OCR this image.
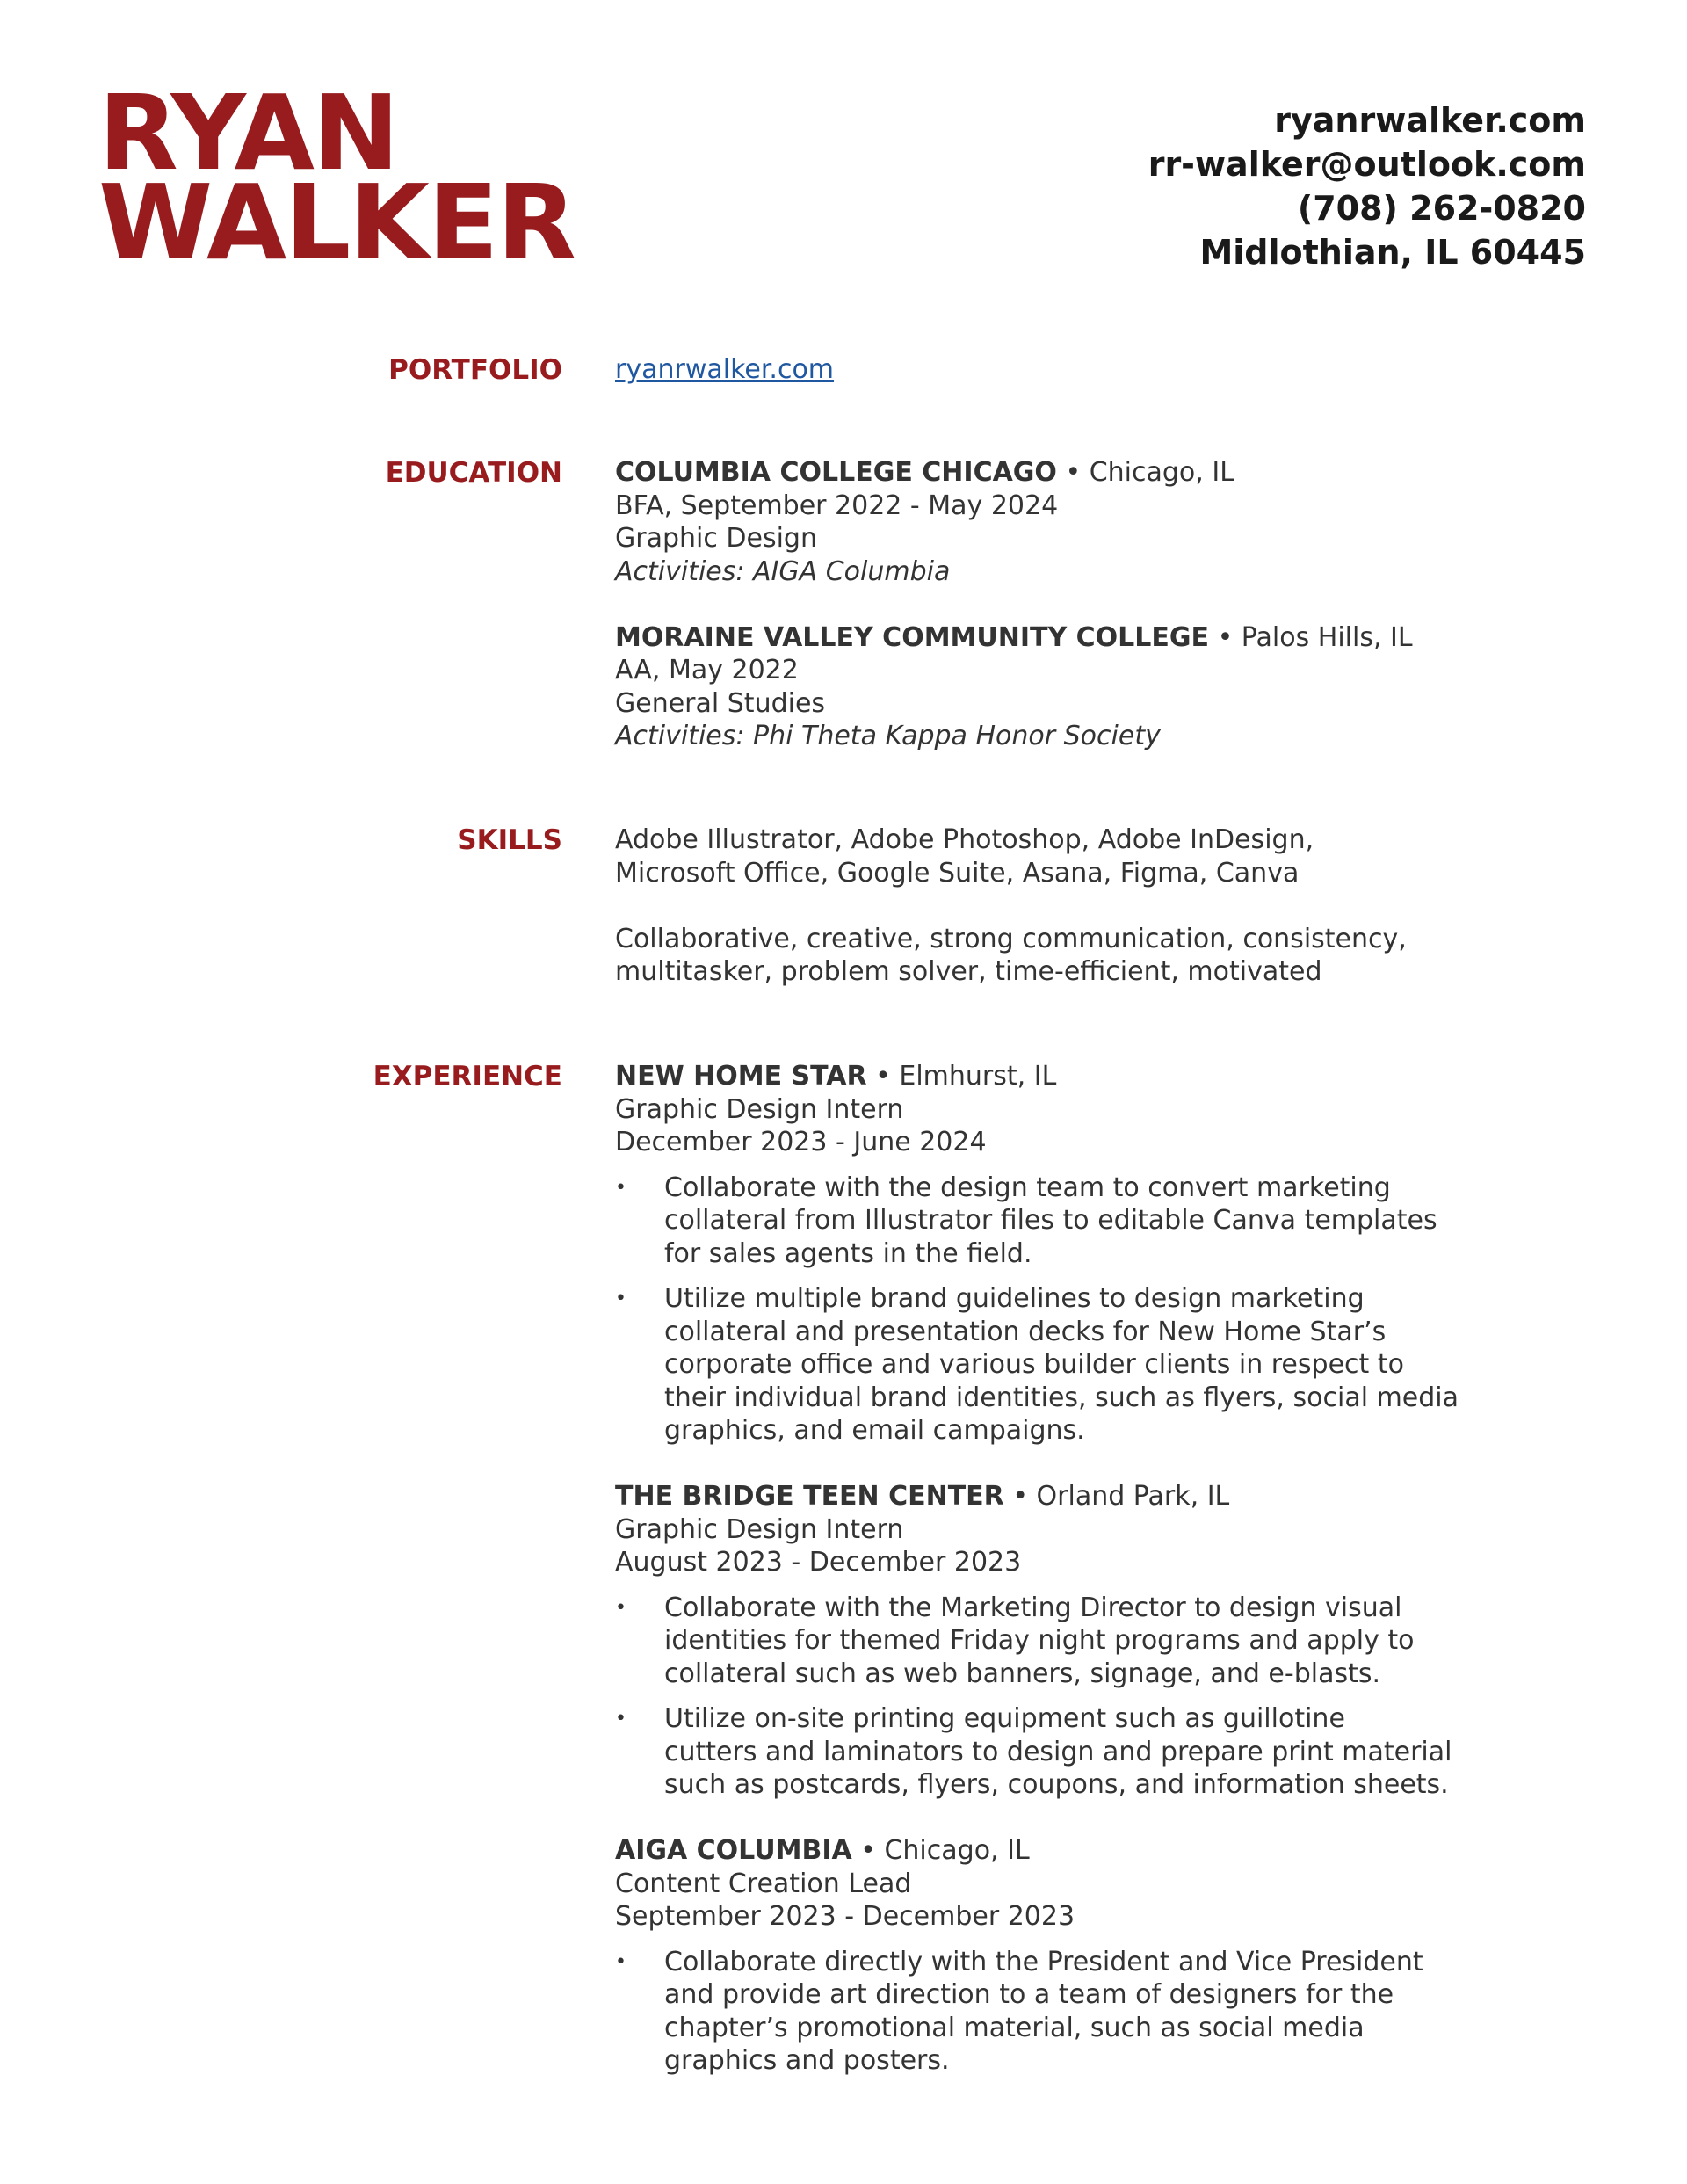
RYAN
WALKER
ryanrwalker.com
rr-walker@outlook.com
(708) 262-0820
Midlothian, IL 60445
PORTFOLIO ryanrwalker.com
EDUCATION COLUMBIA COLLEGE CHICAGO • Chicago, IL
BFA, September 2022 - May 2024
Graphic Design
Activities: AIGA Columbia
MORAINE VALLEY COMMUNITY COLLEGE • Palos Hills, IL
AA, May 2022
General Studies
Activities: Phi Theta Kappa Honor Society
SKILLS Adobe Illustrator, Adobe Photoshop, Adobe InDesign,
Microsoft Office, Google Suite, Asana, Figma, Canva
Collaborative, creative, strong communication, consistency,
multitasker, problem solver, time-efficient, motivated
EXPERIENCE NEW HOME STAR • Elmhurst, IL
Graphic Design Intern
December 2023 - June 2024
• Collaborate with the design team to convert marketing
collateral from Illustrator files to editable Canva templates
for sales agents in the field.
• Utilize multiple brand guidelines to design marketing
collateral and presentation decks for New Home Star’s
corporate office and various builder clients in respect to
their individual brand identities, such as flyers, social media
graphics, and email campaigns.
THE BRIDGE TEEN CENTER • Orland Park, IL
Graphic Design Intern
August 2023 - December 2023
• Collaborate with the Marketing Director to design visual
identities for themed Friday night programs and apply to
collateral such as web banners, signage, and e-blasts.
• Utilize on-site printing equipment such as guillotine
cutters and laminators to design and prepare print material
such as postcards, flyers, coupons, and information sheets.
AIGA COLUMBIA • Chicago, IL
Content Creation Lead
September 2023 - December 2023
• Collaborate directly with the President and Vice President
and provide art direction to a team of designers for the
chapter’s promotional material, such as social media
graphics and posters.
